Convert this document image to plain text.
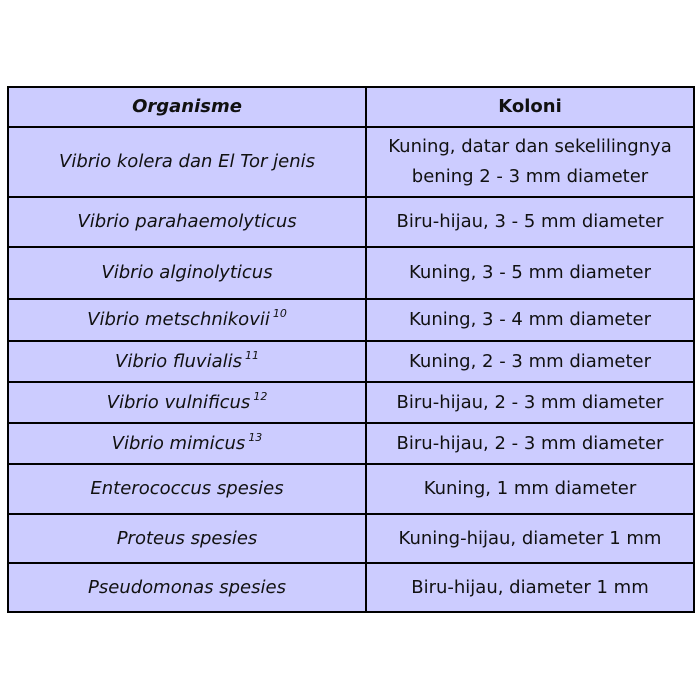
Organisme	Koloni
Vibrio kolera dan El Tor jenis	Kuning, datar dan sekelilingnya
bening 2 - 3 mm diameter

Vibrio parahaemolyticus	Biru-hijau, 3 - 5 mm diameter

Vibrio alginolyticus	Kuning, 3 - 5 mm diameter

Vibrio metschnikovii $^{10}$	Kuning, 3 - 4 mm diameter

Vibrio fluvialis $^{11}$	Kuning, 2 - 3 mm diameter

Vibrio vulnificus $^{12}$	Biru-hijau, 2 - 3 mm diameter

Vibrio mimicus $^{13}$	Biru-hijau, 2 - 3 mm diameter

Enterococcus spesies	Kuning, 1 mm diameter

Proteus spesies	Kuning-hijau, diameter 1 mm

Pseudomonas spesies	Biru-hijau, diameter 1 mm
